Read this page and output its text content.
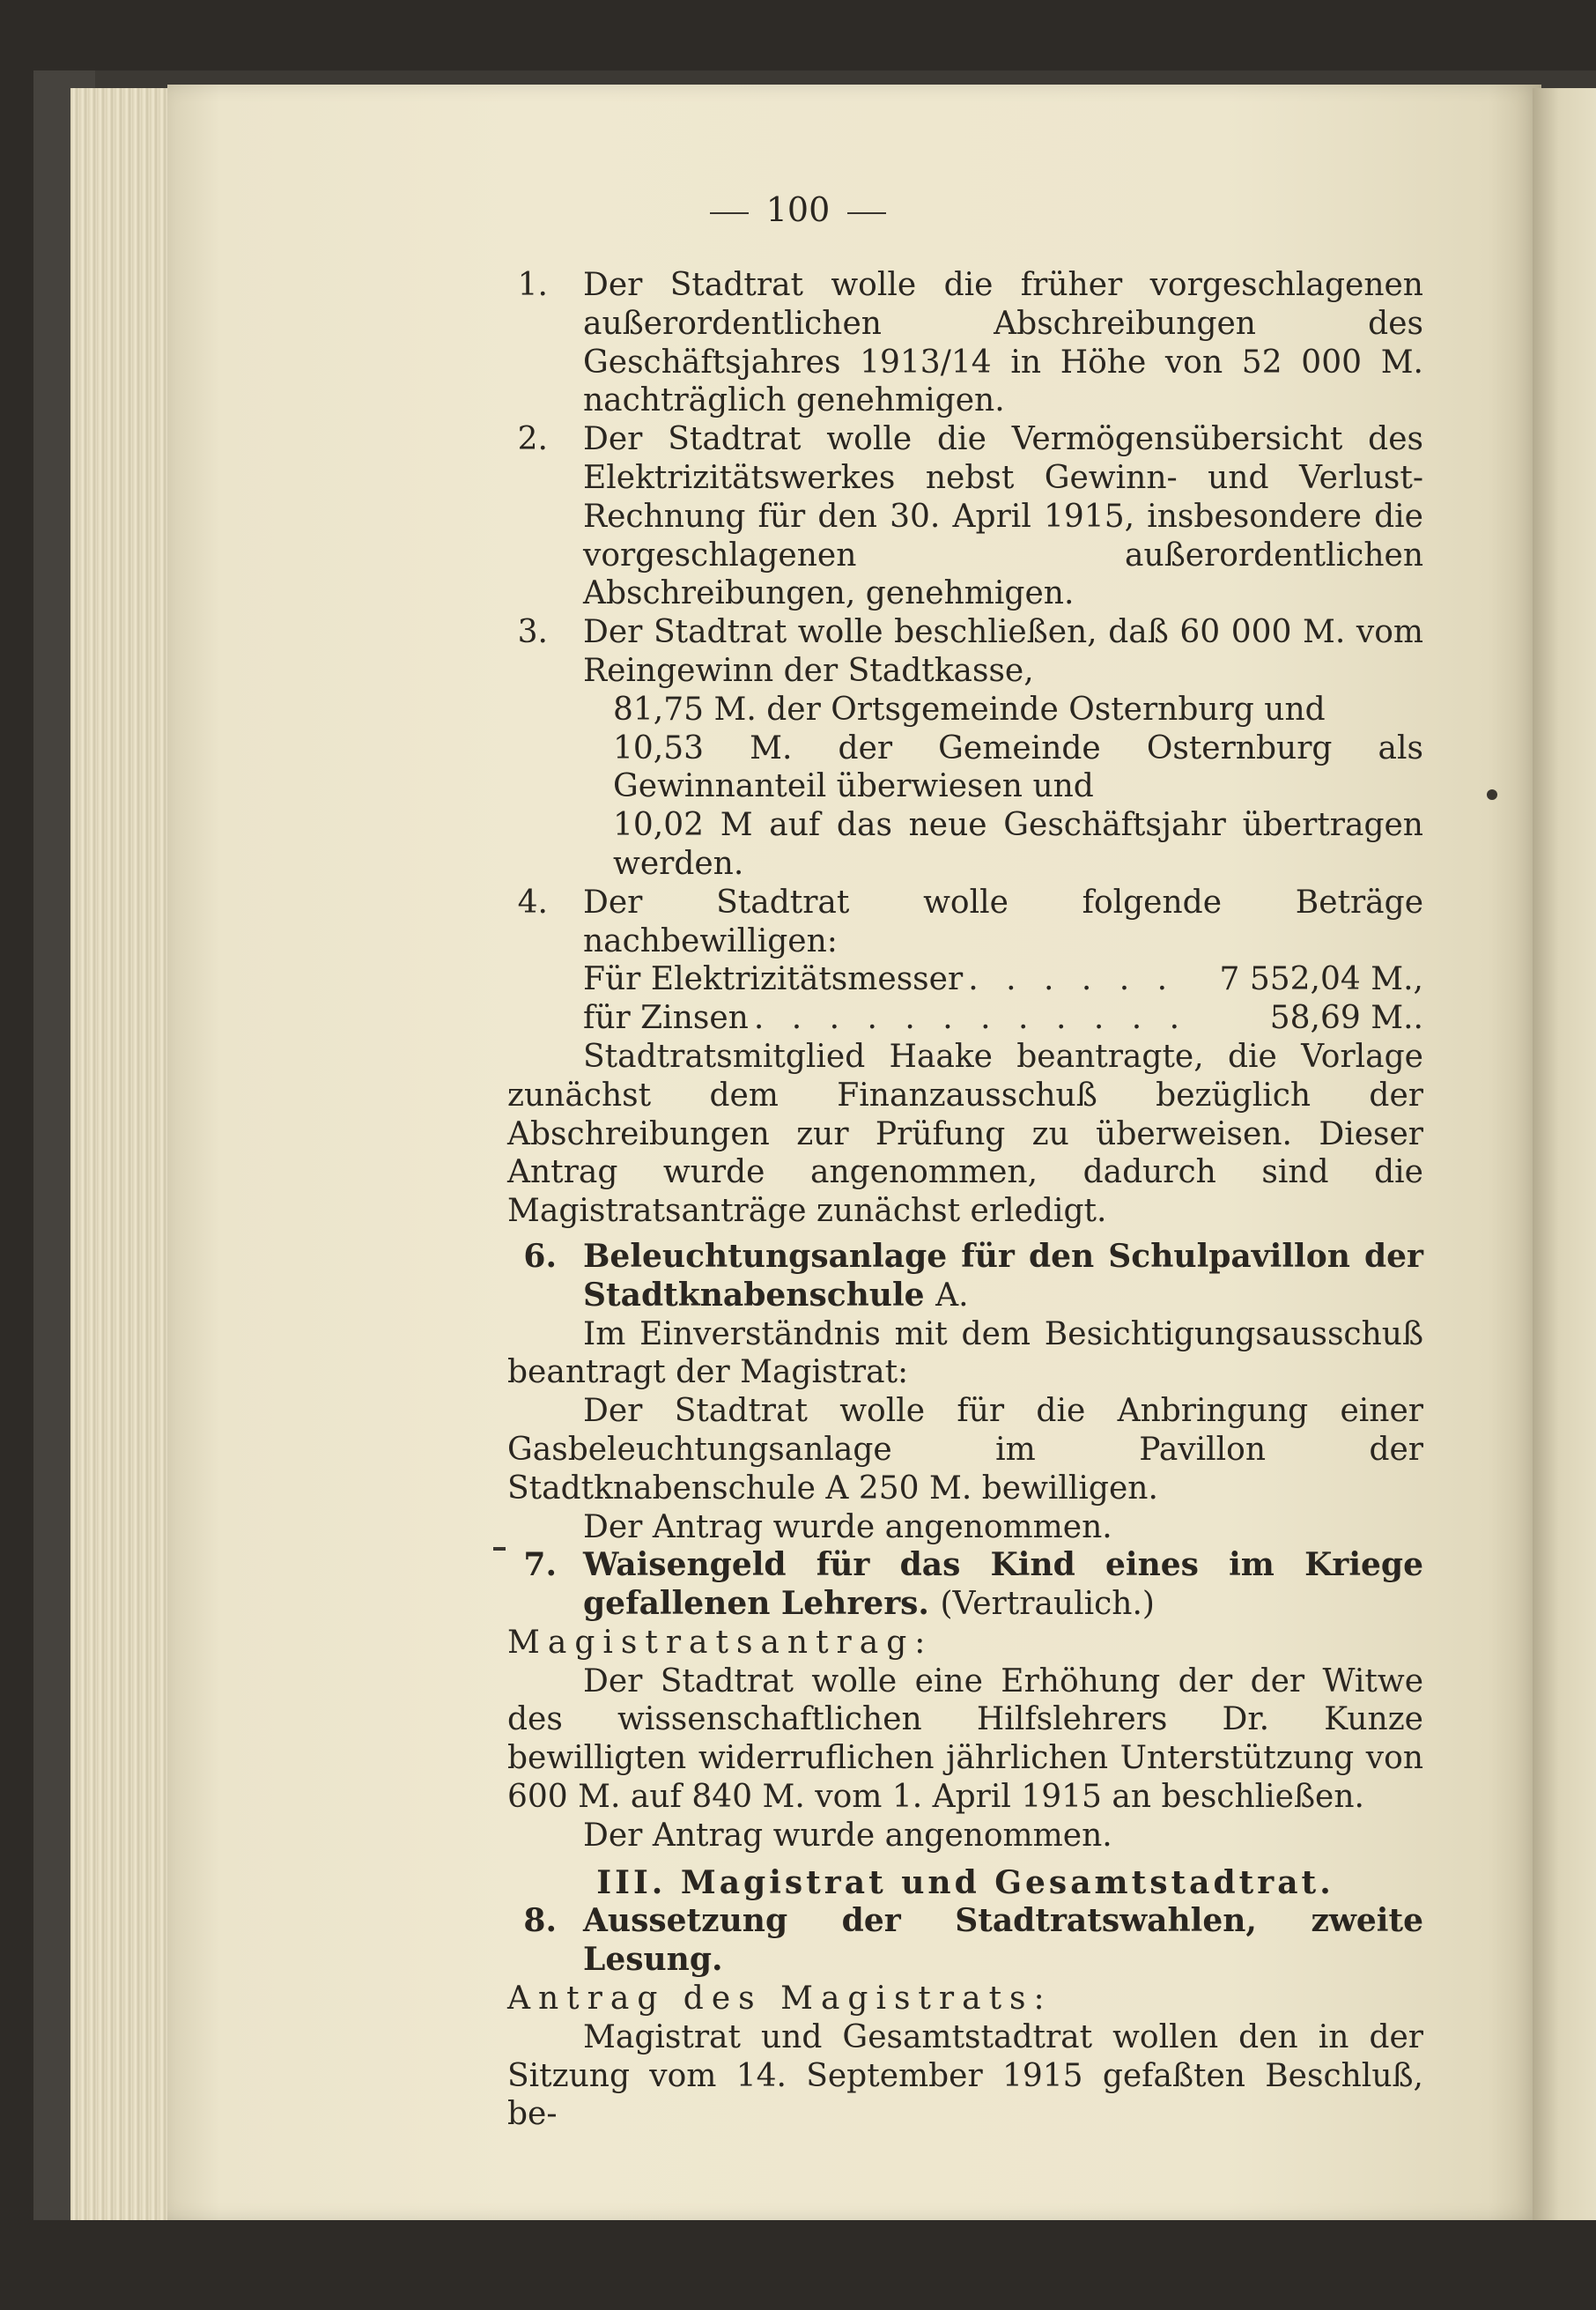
100

1. Der Stadtrat wolle die früher vorgeschlagenen außerordentlichen Abschreibungen des Geschäftsjahres 1913/14 in Höhe von 52 000 M. nachträglich genehmigen.

2. Der Stadtrat wolle die Vermögensübersicht des Elektrizitätswerkes nebst Gewinn- und Verlust-Rechnung für den 30. April 1915, insbesondere die vorgeschlagenen außerordentlichen Abschreibungen, genehmigen.

3. Der Stadtrat wolle beschließen, daß 60 000 M. vom Reingewinn der Stadtkasse,

81,75 M. der Ortsgemeinde Osternburg und

10,53 M. der Gemeinde Osternburg als Gewinnanteil überwiesen und

10,02 M auf das neue Geschäftsjahr übertragen werden.

4. Der Stadtrat wolle folgende Beträge nachbewilligen:

Für Elektrizitätsmesser . . . . . .	7 552,04 M.,

für Zinsen . . . . . . . . . . . .	58,69 M..

Stadtratsmitglied Haake beantragte, die Vorlage zunächst dem Finanzausschuß bezüglich der Abschreibungen zur Prüfung zu überweisen. Dieser Antrag wurde angenommen, dadurch sind die Magistratsanträge zunächst erledigt.

6. Beleuchtungsanlage für den Schulpavillon der Stadtknabenschule A.

Im Einverständnis mit dem Besichtigungsausschuß beantragt der Magistrat:

Der Stadtrat wolle für die Anbringung einer Gasbeleuchtungsanlage im Pavillon der Stadtknabenschule A 250 M. bewilligen.

Der Antrag wurde angenommen.

7. Waisengeld für das Kind eines im Kriege gefallenen Lehrers. (Vertraulich.)

Magistratsantrag:

Der Stadtrat wolle eine Erhöhung der der Witwe des wissenschaftlichen Hilfslehrers Dr. Kunze bewilligten widerruflichen jährlichen Unterstützung von 600 M. auf 840 M. vom 1. April 1915 an beschließen.

Der Antrag wurde angenommen.

III. Magistrat und Gesamtstadtrat.

8. Aussetzung der Stadtratswahlen, zweite Lesung.

Antrag des Magistrats:

Magistrat und Gesamtstadtrat wollen den in der Sitzung vom 14. September 1915 gefaßten Beschluß, be-
